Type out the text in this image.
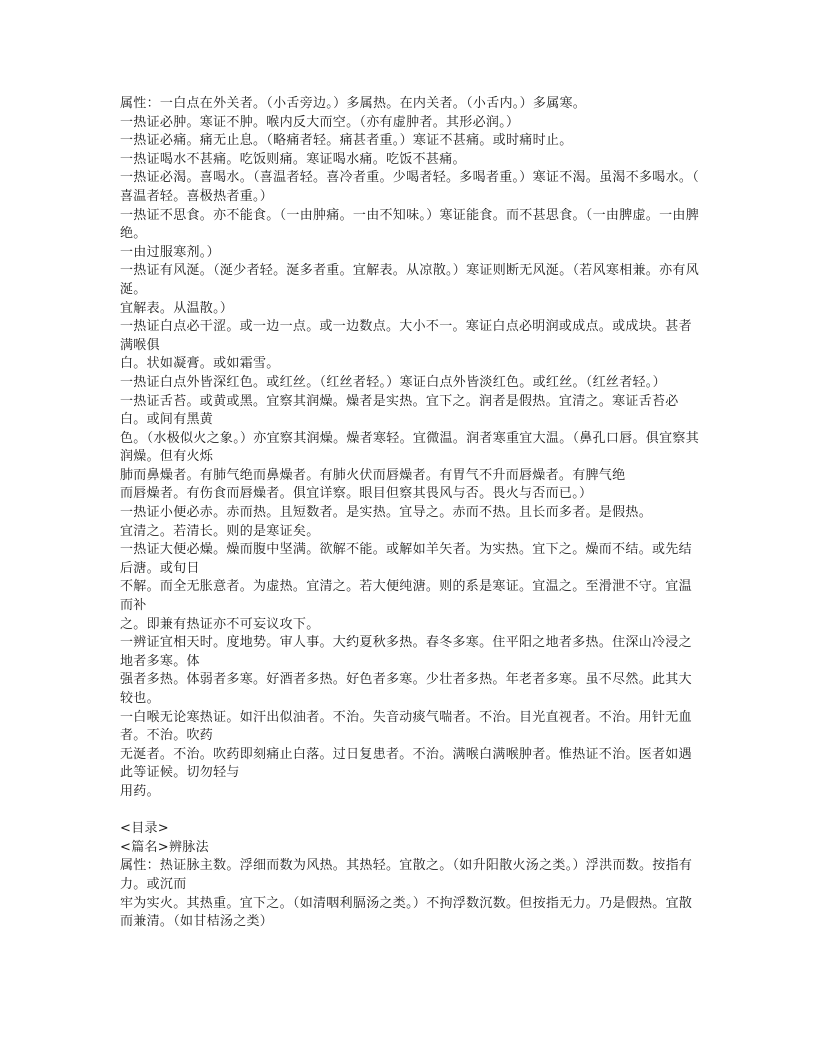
属性：一白点在外关者。（小舌旁边。）多属热。在内关者。（小舌内。）多属寒。
一热证必肿。寒证不肿。喉内反大而空。（亦有虚肿者。其形必润。）
一热证必痛。痛无止息。（略痛者轻。痛甚者重。）寒证不甚痛。或时痛时止。
一热证喝水不甚痛。吃饭则痛。寒证喝水痛。吃饭不甚痛。
一热证必渴。喜喝水。（喜温者轻。喜冷者重。少喝者轻。多喝者重。）寒证不渴。虽渴不多喝水。（
喜温者轻。喜极热者重。）
一热证不思食。亦不能食。（一由肿痛。一由不知味。）寒证能食。而不甚思食。（一由脾虚。一由脾绝。
一由过服寒剂。）
一热证有风涎。（涎少者轻。涎多者重。宜解表。从凉散。）寒证则断无风涎。（若风寒相兼。亦有风涎。
宜解表。从温散。）
一热证白点必干涩。或一边一点。或一边数点。大小不一。寒证白点必明润或成点。或成块。甚者满喉俱
白。状如凝膏。或如霜雪。
一热证白点外皆深红色。或红丝。（红丝者轻。）寒证白点外皆淡红色。或红丝。（红丝者轻。）
一热证舌苔。或黄或黑。宜察其润燥。燥者是实热。宜下之。润者是假热。宜清之。寒证舌苔必白。或间有黑黄
色。（水极似火之象。）亦宜察其润燥。燥者寒轻。宜微温。润者寒重宜大温。（鼻孔口唇。俱宜察其润燥。但有火烁
肺而鼻燥者。有肺气绝而鼻燥者。有肺火伏而唇燥者。有胃气不升而唇燥者。有脾气绝
而唇燥者。有伤食而唇燥者。俱宜详察。眼目但察其畏风与否。畏火与否而已。）
一热证小便必赤。赤而热。且短数者。是实热。宜导之。赤而不热。且长而多者。是假热。
宜清之。若清长。则的是寒证矣。
一热证大便必燥。燥而腹中坚满。欲解不能。或解如羊矢者。为实热。宜下之。燥而不结。或先结后溏。或旬日
不解。而全无胀意者。为虚热。宜清之。若大便纯溏。则的系是寒证。宜温之。至滑泄不守。宜温而补
之。即兼有热证亦不可妄议攻下。
一辨证宜相天时。度地势。审人事。大约夏秋多热。春冬多寒。住平阳之地者多热。住深山冷浸之地者多寒。体
强者多热。体弱者多寒。好酒者多热。好色者多寒。少壮者多热。年老者多寒。虽不尽然。此其大较也。
一白喉无论寒热证。如汗出似油者。不治。失音动痰气喘者。不治。目光直视者。不治。用针无血者。不治。吹药
无涎者。不治。吹药即刻痛止白落。过日复患者。不治。满喉白满喉肿者。惟热证不治。医者如遇此等证候。切勿轻与
用药。
<目录>
<篇名>辨脉法
属性：热证脉主数。浮细而数为风热。其热轻。宜散之。（如升阳散火汤之类。）浮洪而数。按指有力。或沉而
牢为实火。其热重。宜下之。（如清咽利膈汤之类。）不拘浮数沉数。但按指无力。乃是假热。宜散
而兼清。（如甘桔汤之类）
